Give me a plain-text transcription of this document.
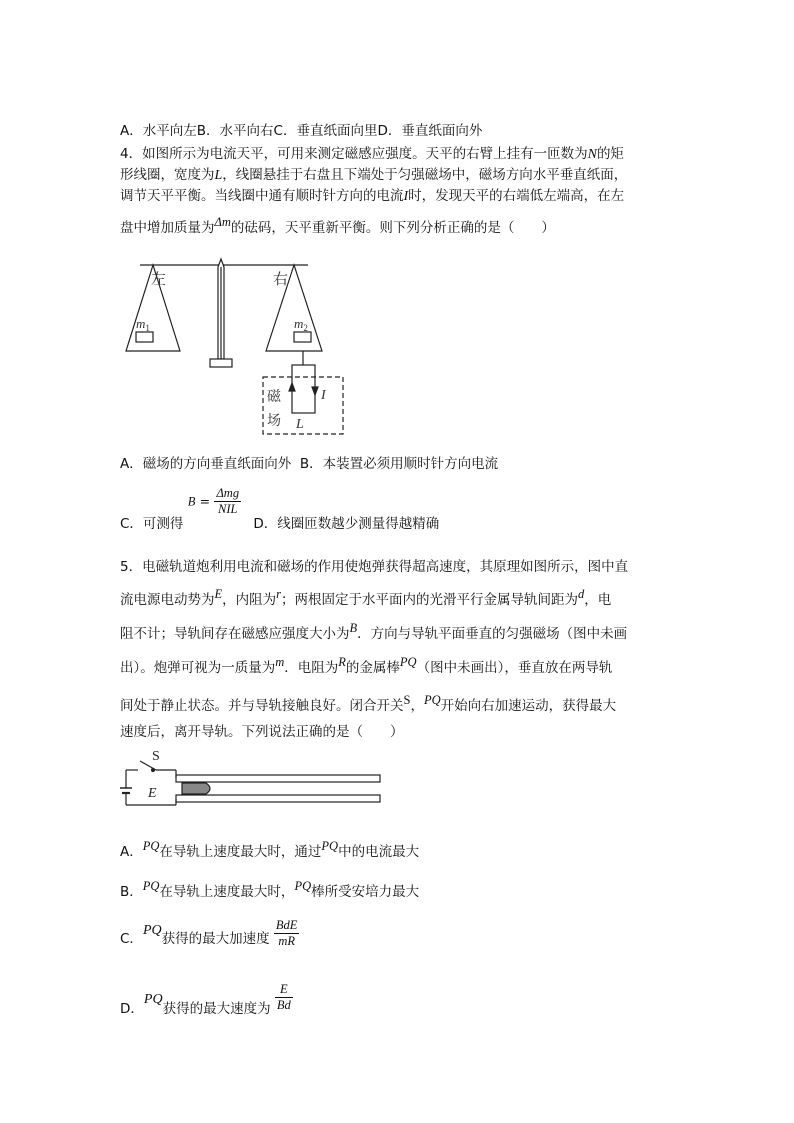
A．水平向左B．水平向右C．垂直纸面向里D．垂直纸面向外
4．如图所示为电流天平，可用来测定磁感应强度。天平的右臂上挂有一匝数为N的矩
形线圈，宽度为L，线圈悬挂于右盘且下端处于匀强磁场中，磁场方向水平垂直纸面，
调节天平平衡。当线圈中通有顺时针方向的电流I时，发现天平的右端低左端高，在左
盘中增加质量为Δm的砝码，天平重新平衡。则下列分析正确的是（　　）
左	右
$m_1$	$m_2$
磁
场
I
L
A．磁场的方向垂直纸面向外 B．本装置必须用顺时针方向电流
C．可测得 $B = \frac{\text{Δmg}}{\text{NIL}}$
D．线圈匝数越少测量得越精确
5．电磁轨道炮利用电流和磁场的作用使炮弹获得超高速度，其原理如图所示，图中直
流电源电动势为E，内阻为r；两根固定于水平面内的光滑平行金属导轨间距为d，电
阻不计；导轨间存在磁感应强度大小为B．方向与导轨平面垂直的匀强磁场（图中未画
出）。炮弹可视为一质量为m．电阻为R的金属棒PQ（图中未画出），垂直放在两导轨
间处于静止状态。并与导轨接触良好。闭合开关S，PQ开始向右加速运动，获得最大
速度后，离开导轨。下列说法正确的是（　　）
S
E
A．PQ在导轨上速度最大时，通过PQ中的电流最大
B．PQ在导轨上速度最大时，PQ棒所受安培力最大
C．PQ获得的最大加速度 $\frac{\text{BdE}}{mR}$
D．PQ获得的最大速度为 $\frac{E}{Bd}$
